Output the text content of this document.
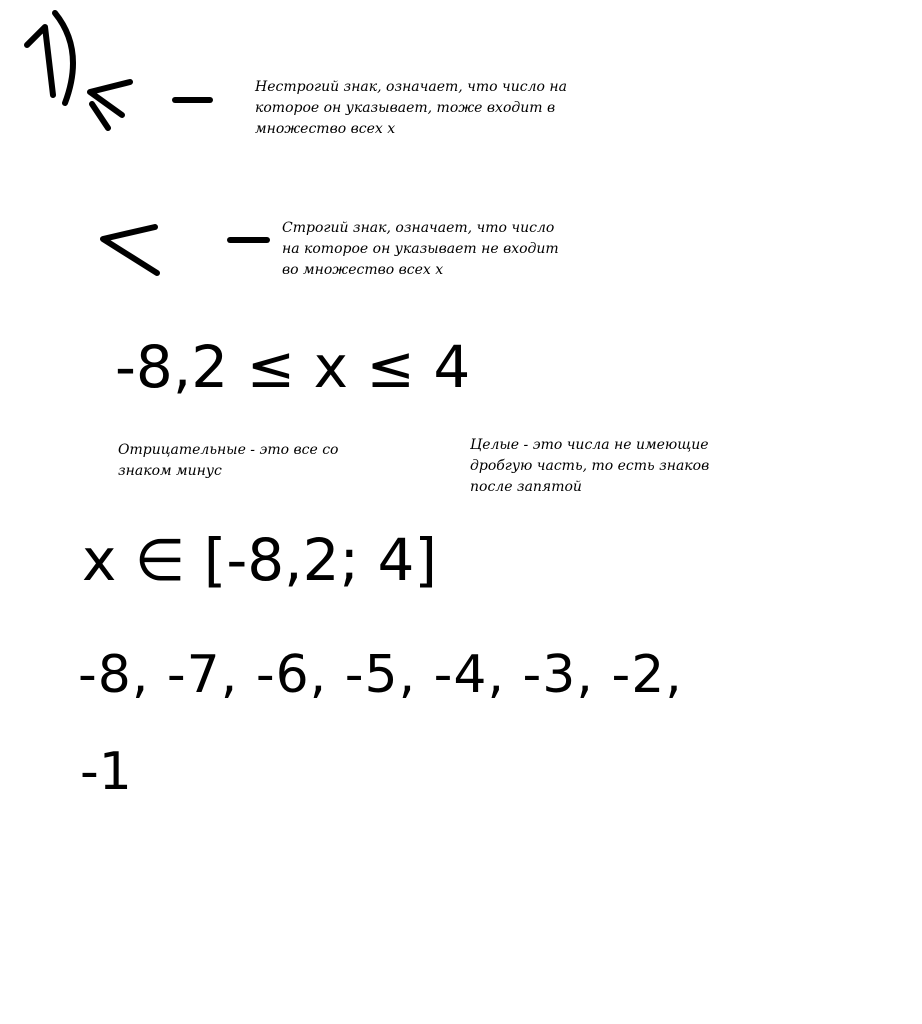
Нестрогий знак, означает, что число на
которое он указывает, тоже входит в
множество всех х
Строгий знак, означает, что число
на которое он указывает не входит
во множество всех х
-8,2 ≤ x ≤ 4
Отрицательные - это все со
знаком минус
Целые - это числа не имеющие
дробгую часть, то есть знаков
после запятой
x ∈ [-8,2; 4]
-8, -7, -6, -5, -4, -3, -2,
-1
